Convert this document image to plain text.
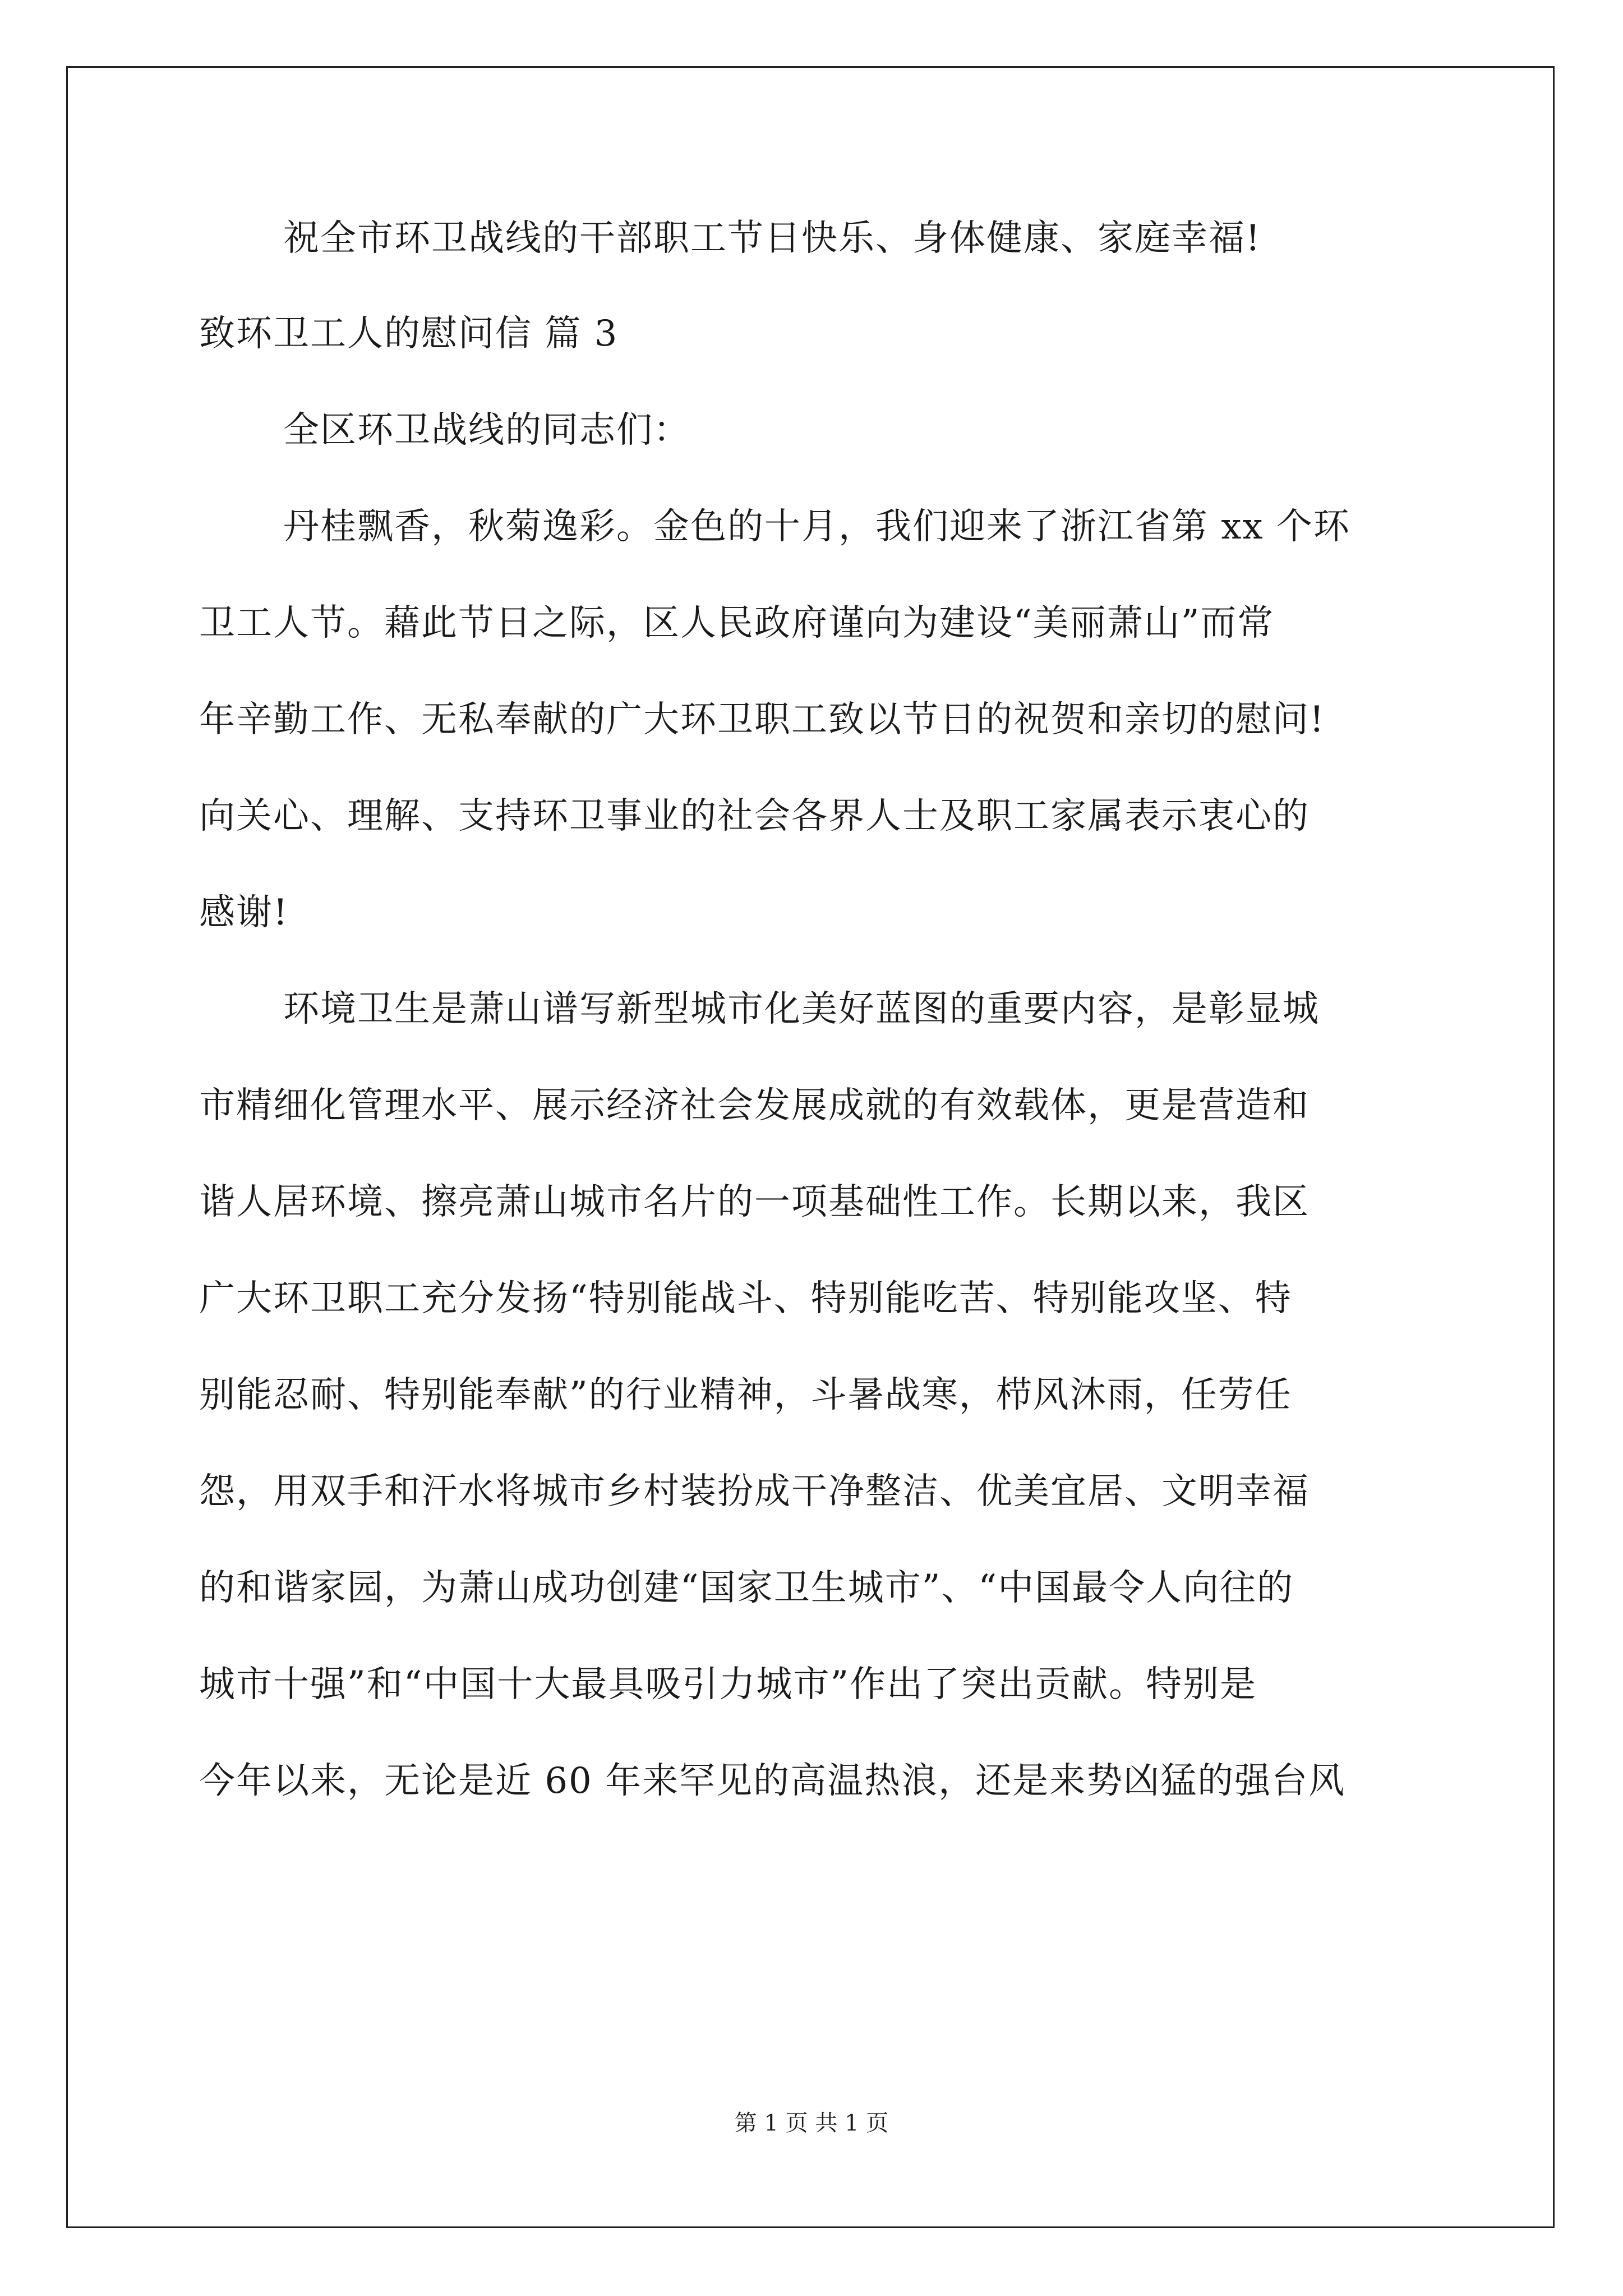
祝全市环卫战线的干部职工节日快乐、身体健康、家庭幸福!
致环卫工人的慰问信 篇 3
全区环卫战线的同志们：
丹桂飘香，秋菊逸彩。金色的十月，我们迎来了浙江省第 xx 个环
卫工人节。藉此节日之际，区人民政府谨向为建设“美丽萧山”而常
年辛勤工作、无私奉献的广大环卫职工致以节日的祝贺和亲切的慰问!
向关心、理解、支持环卫事业的社会各界人士及职工家属表示衷心的
感谢!
环境卫生是萧山谱写新型城市化美好蓝图的重要内容，是彰显城
市精细化管理水平、展示经济社会发展成就的有效载体，更是营造和
谐人居环境、擦亮萧山城市名片的一项基础性工作。长期以来，我区
广大环卫职工充分发扬“特别能战斗、特别能吃苦、特别能攻坚、特
别能忍耐、特别能奉献”的行业精神，斗暑战寒，栉风沐雨，任劳任
怨，用双手和汗水将城市乡村装扮成干净整洁、优美宜居、文明幸福
的和谐家园，为萧山成功创建“国家卫生城市”、“中国最令人向往的
城市十强”和“中国十大最具吸引力城市”作出了突出贡献。特别是
今年以来，无论是近 60 年来罕见的高温热浪，还是来势凶猛的强台风
第 1 页 共 1 页
